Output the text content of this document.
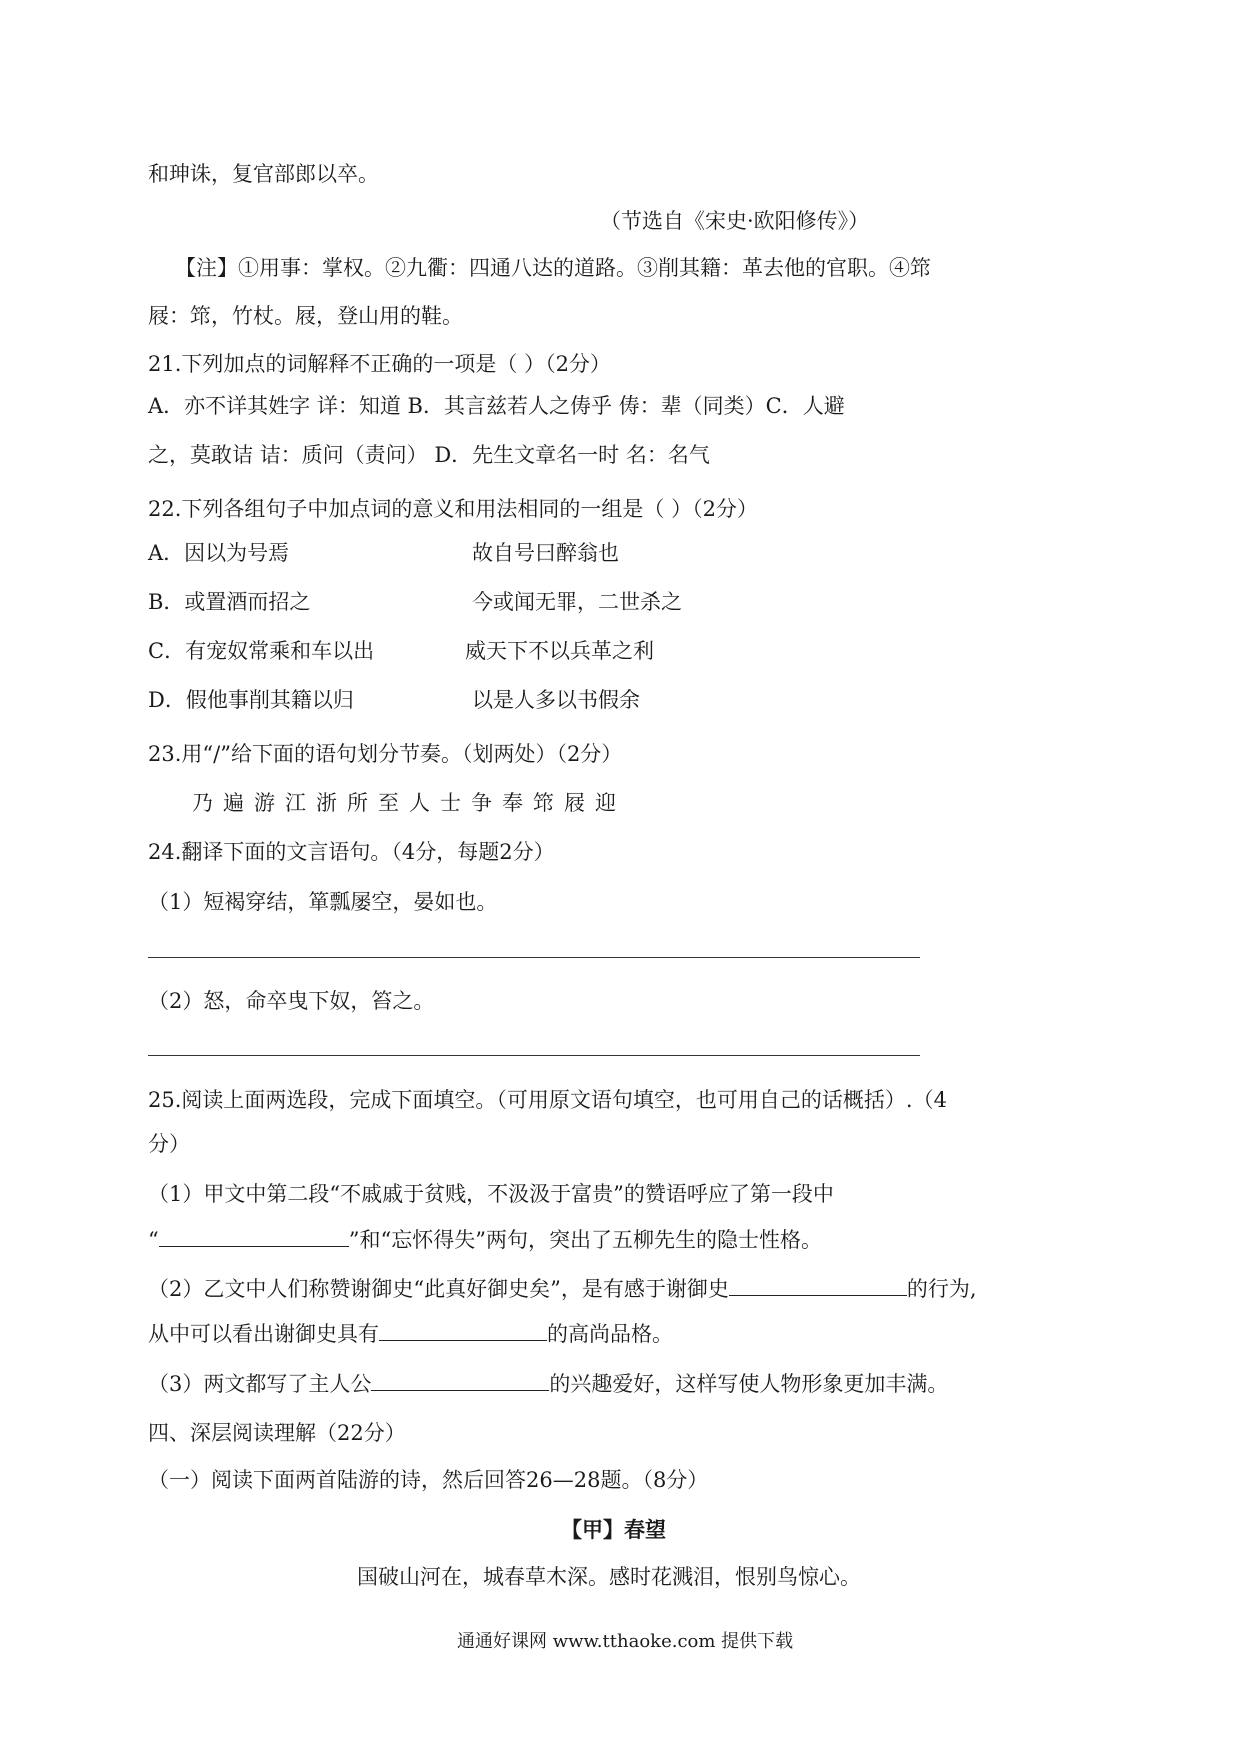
和珅诛，复官部郎以卒。
（节选自《宋史·欧阳修传》）
【注】①用事：掌权。②九衢：四通八达的道路。③削其籍：革去他的官职。④筇
屐：筇，竹杖。屐，登山用的鞋。
21.下列加点的词解释不正确的一项是（ ）（2分）
A．亦不详其姓字 详：知道 B．其言兹若人之俦乎 俦：辈（同类）C．人避
之，莫敢诘 诘：质问（责问） D．先生文章名一时 名：名气
22.下列各组句子中加点词的意义和用法相同的一组是（ ）（2分）
A．因以为号焉	故自号曰醉翁也
B．或置酒而招之	今或闻无罪，二世杀之
C．有宠奴常乘和车以出	威天下不以兵革之利
D．假他事削其籍以归	以是人多以书假余
23.用“/”给下面的语句划分节奏。（划两处）（2分）
乃遍游江浙所至人士争奉筇屐迎
24.翻译下面的文言语句。（4分，每题2分）
（1）短褐穿结，箪瓢屡空，晏如也。
（2）怒，命卒曳下奴，笞之。
25.阅读上面两选段，完成下面填空。（可用原文语句填空，也可用自己的话概括）.（4
分）
（1）甲文中第二段“不戚戚于贫贱，不汲汲于富贵”的赞语呼应了第一段中
“	”和“忘怀得失”两句，突出了五柳先生的隐士性格。
（2）乙文中人们称赞谢御史“此真好御史矣”，是有感于谢御史	的行为,
从中可以看出谢御史具有	的高尚品格。
（3）两文都写了主人公	的兴趣爱好，这样写使人物形象更加丰满。
四、深层阅读理解（22分）
（一）阅读下面两首陆游的诗，然后回答26—28题。（8分）
【甲】春望
国破山河在，城春草木深。感时花溅泪，恨别鸟惊心。
通通好课网 www.tthaoke.com 提供下载
